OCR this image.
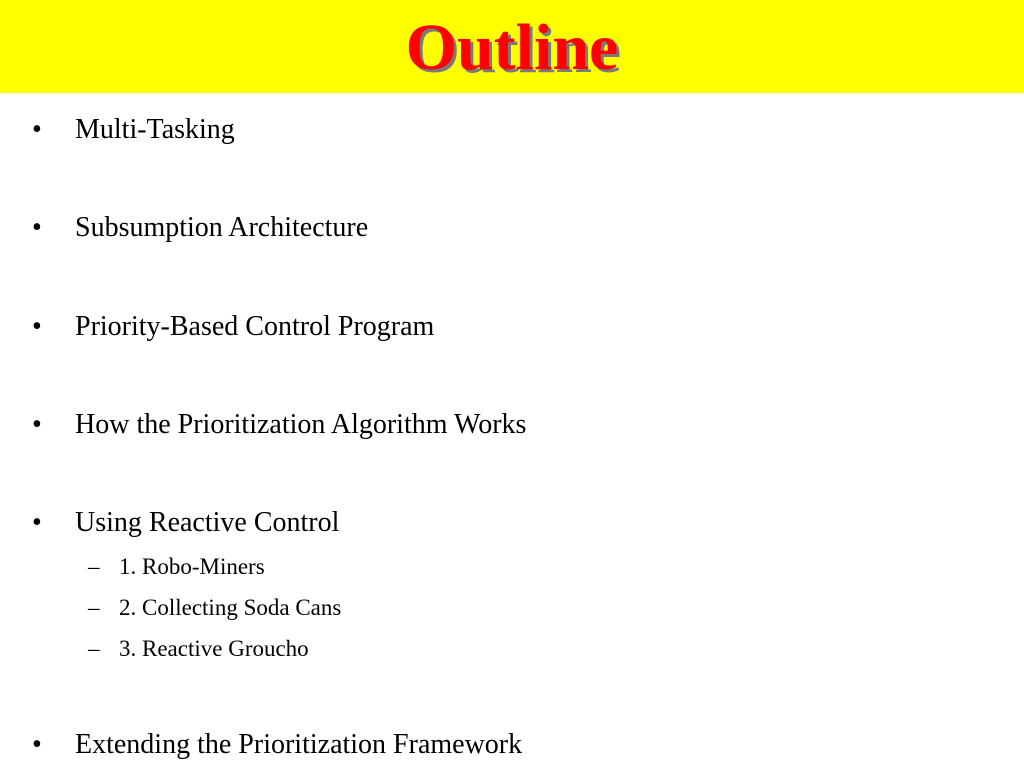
Outline
•	Multi-Tasking
•	Subsumption Architecture
•	Priority-Based Control Program
•	How the Prioritization Algorithm Works
•	Using Reactive Control
– 1. Robo-Miners
– 2. Collecting Soda Cans
– 3. Reactive Groucho
•	Extending the Prioritization Framework
